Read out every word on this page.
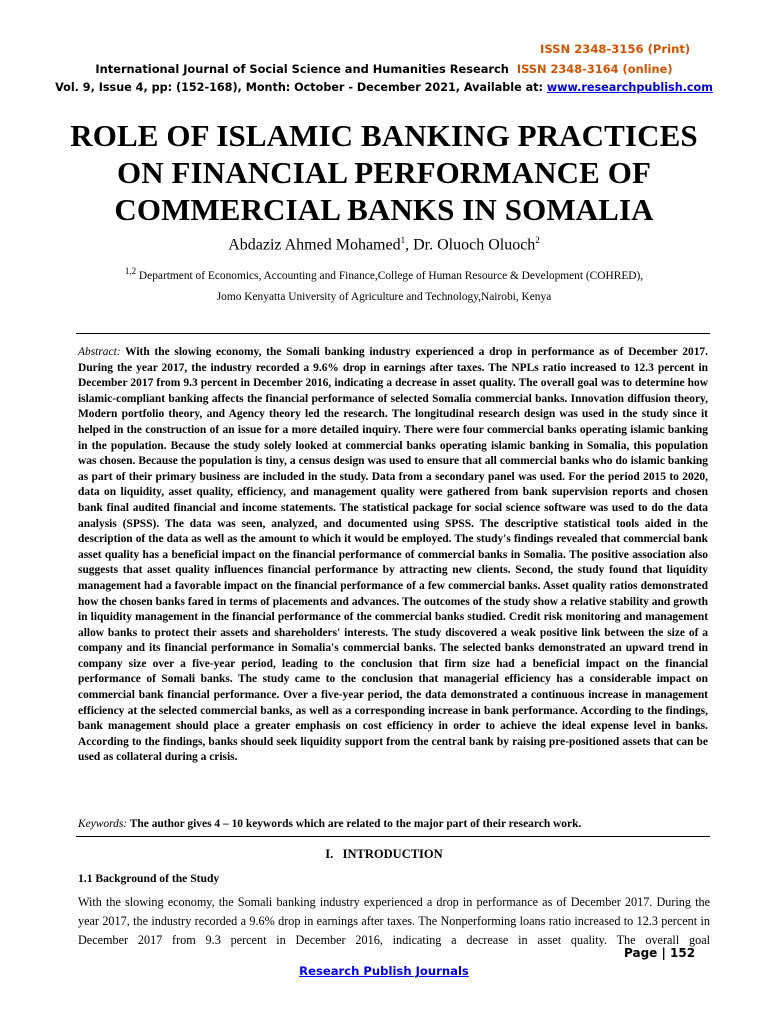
ISSN 2348-3156 (Print)
International Journal of Social Science and Humanities Research ISSN 2348-3164 (online)
Vol. 9, Issue 4, pp: (152-168), Month: October - December 2021, Available at: www.researchpublish.com
ROLE OF ISLAMIC BANKING PRACTICES
ON FINANCIAL PERFORMANCE OF
COMMERCIAL BANKS IN SOMALIA
Abdaziz Ahmed Mohamed$^1$, Dr. Oluoch Oluoch$^2$
$^{1,2}$ Department of Economics, Accounting and Finance,College of Human Resource & Development (COHRED),
Jomo Kenyatta University of Agriculture and Technology,Nairobi, Kenya
Abstract: With the slowing economy, the Somali banking industry experienced a drop in performance as of December 2017. During the year 2017, the industry recorded a 9.6% drop in earnings after taxes. The NPLs ratio increased to 12.3 percent in December 2017 from 9.3 percent in December 2016, indicating a decrease in asset quality. The overall goal was to determine how islamic-compliant banking affects the financial performance of selected Somalia commercial banks. Innovation diffusion theory, Modern portfolio theory, and Agency theory led the research. The longitudinal research design was used in the study since it helped in the construction of an issue for a more detailed inquiry. There were four commercial banks operating islamic banking in the population. Because the study solely looked at commercial banks operating islamic banking in Somalia, this population was chosen. Because the population is tiny, a census design was used to ensure that all commercial banks who do islamic banking as part of their primary business are included in the study. Data from a secondary panel was used. For the period 2015 to 2020, data on liquidity, asset quality, efficiency, and management quality were gathered from bank supervision reports and chosen bank final audited financial and income statements. The statistical package for social science software was used to do the data analysis (SPSS). The data was seen, analyzed, and documented using SPSS. The descriptive statistical tools aided in the description of the data as well as the amount to which it would be employed. The study's findings revealed that commercial bank asset quality has a beneficial impact on the financial performance of commercial banks in Somalia. The positive association also suggests that asset quality influences financial performance by attracting new clients. Second, the study found that liquidity management had a favorable impact on the financial performance of a few commercial banks. Asset quality ratios demonstrated how the chosen banks fared in terms of placements and advances. The outcomes of the study show a relative stability and growth in liquidity management in the financial performance of the commercial banks studied. Credit risk monitoring and management allow banks to protect their assets and shareholders' interests. The study discovered a weak positive link between the size of a company and its financial performance in Somalia's commercial banks. The selected banks demonstrated an upward trend in company size over a five-year period, leading to the conclusion that firm size had a beneficial impact on the financial performance of Somali banks. The study came to the conclusion that managerial efficiency has a considerable impact on commercial bank financial performance. Over a five-year period, the data demonstrated a continuous increase in management efficiency at the selected commercial banks, as well as a corresponding increase in bank performance. According to the findings, bank management should place a greater emphasis on cost efficiency in order to achieve the ideal expense level in banks. According to the findings, banks should seek liquidity support from the central bank by raising pre-positioned assets that can be used as collateral during a crisis.
Keywords: The author gives 4 – 10 keywords which are related to the major part of their research work.
I.   INTRODUCTION
1.1 Background of the Study
With the slowing economy, the Somali banking industry experienced a drop in performance as of December 2017. During the year 2017, the industry recorded a 9.6% drop in earnings after taxes. The Nonperforming loans ratio increased to 12.3 percent in December 2017 from 9.3 percent in December 2016, indicating a decrease in asset quality. The overall goal
Page | 152
Research Publish Journals
